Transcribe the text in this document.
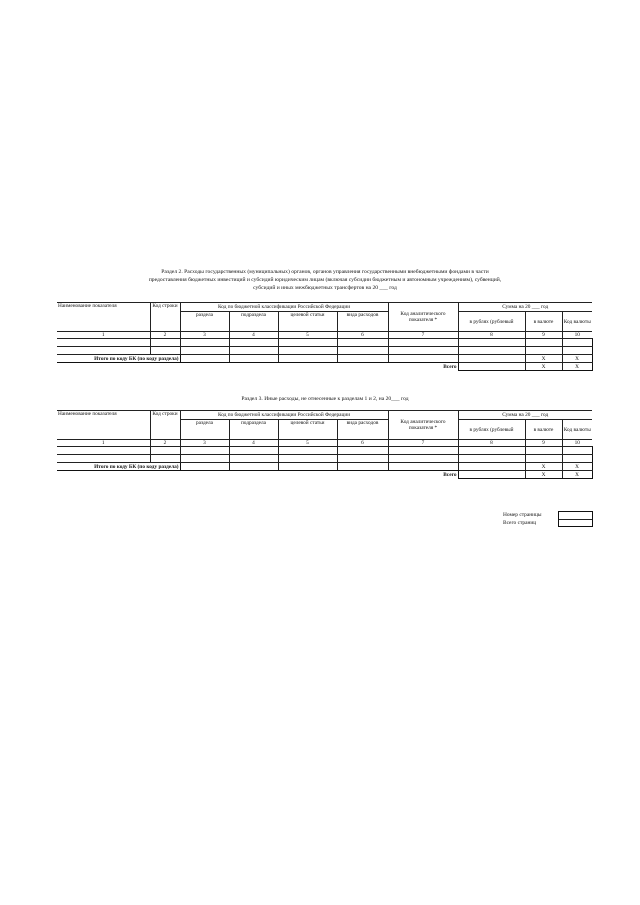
Раздел 2. Расходы государственных (муниципальных) органов, органов управления государственными внебюджетными фондами в части
предоставления бюджетных инвестиций и субсидий юридическим лицам (включая субсидии бюджетным и автономным учреждениям), субвенций,
субсидий и иных межбюджетных трансфертов на 20 ___ год
Наименование показателя	Код строки	Код по бюджетной классификации Российской Федерации				Код аналитического показателя *	Сумма на 20 ___ год		
		раздела	подраздела	целевой статьи	вида расходов		в рублях (рублевый	в валюте	Код валюты
1	2	3	4	5	6	7	8	9	10

Итого по коду БК (по коду раздела)								X	X
Всего								X	X
Раздел 3. Иные расходы, не отнесенные к разделам 1 и 2, на 20___ год
Наименование показателя	Код строки	Код по бюджетной классификации Российской Федерации				Код аналитического показателя *	Сумма на 20 ___ год		
		раздела	подраздела	целевой статьи	вида расходов		в рублях (рублевый	в валюте	Код валюты
1	2	3	4	5	6	7	8	9	10

Итого по коду БК (по коду раздела)								X	X
Всего								X	X
Номер страницы
Всего страниц
